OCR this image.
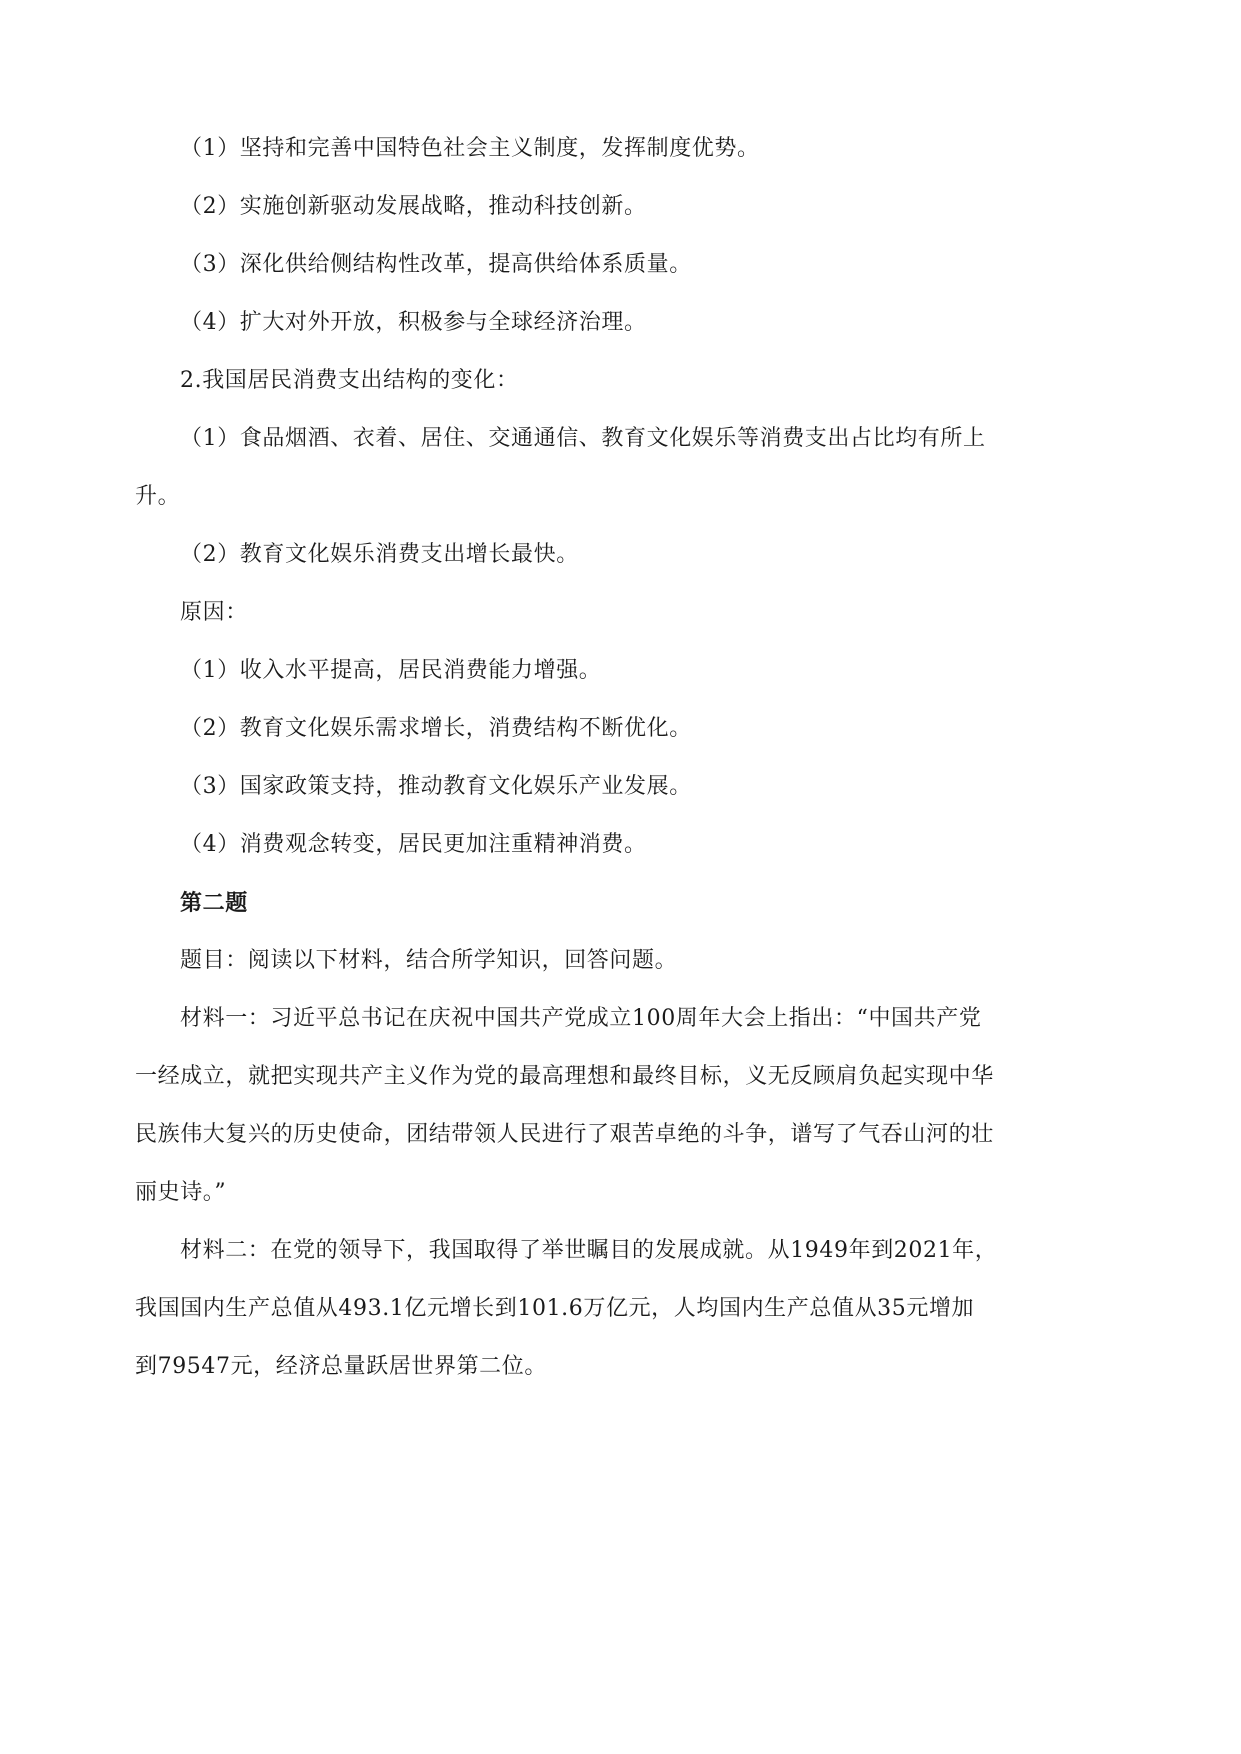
（1）坚持和完善中国特色社会主义制度，发挥制度优势。

（2）实施创新驱动发展战略，推动科技创新。

（3）深化供给侧结构性改革，提高供给体系质量。

（4）扩大对外开放，积极参与全球经济治理。

2.我国居民消费支出结构的变化：

（1）食品烟酒、衣着、居住、交通通信、教育文化娱乐等消费支出占比均有所上

升。

（2）教育文化娱乐消费支出增长最快。

原因：

（1）收入水平提高，居民消费能力增强。

（2）教育文化娱乐需求增长，消费结构不断优化。

（3）国家政策支持，推动教育文化娱乐产业发展。

（4）消费观念转变，居民更加注重精神消费。

第二题

题目：阅读以下材料，结合所学知识，回答问题。

材料一：习近平总书记在庆祝中国共产党成立100周年大会上指出：“中国共产党

一经成立，就把实现共产主义作为党的最高理想和最终目标，义无反顾肩负起实现中华

民族伟大复兴的历史使命，团结带领人民进行了艰苦卓绝的斗争，谱写了气吞山河的壮

丽史诗。”

材料二：在党的领导下，我国取得了举世瞩目的发展成就。从1949年到2021年，

我国国内生产总值从493.1亿元增长到101.6万亿元，人均国内生产总值从35元增加

到79547元，经济总量跃居世界第二位。
